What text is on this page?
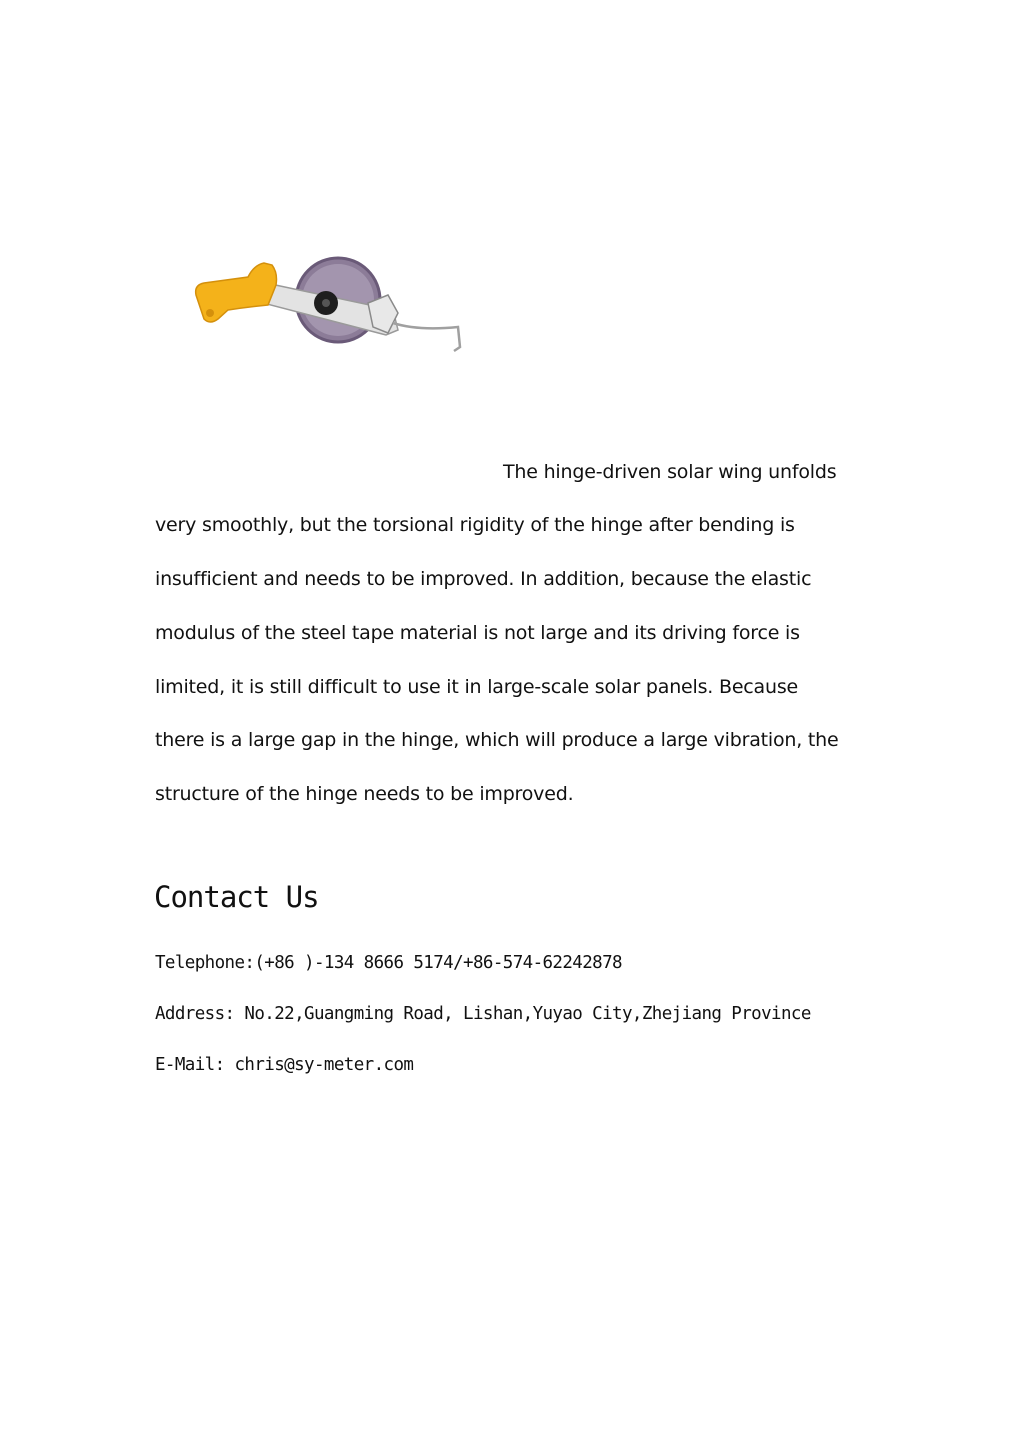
The hinge-driven solar wing unfolds
very smoothly, but the torsional rigidity of the hinge after bending is
insufficient and needs to be improved. In addition, because the elastic
modulus of the steel tape material is not large and its driving force is
limited, it is still difficult to use it in large-scale solar panels. Because
there is a large gap in the hinge, which will produce a large vibration, the
structure of the hinge needs to be improved.
Contact Us
Telephone:(+86 )-134 8666 5174/+86-574-62242878
Address: No.22,Guangming Road, Lishan,Yuyao City,Zhejiang Province
E-Mail: chris@sy-meter.com
